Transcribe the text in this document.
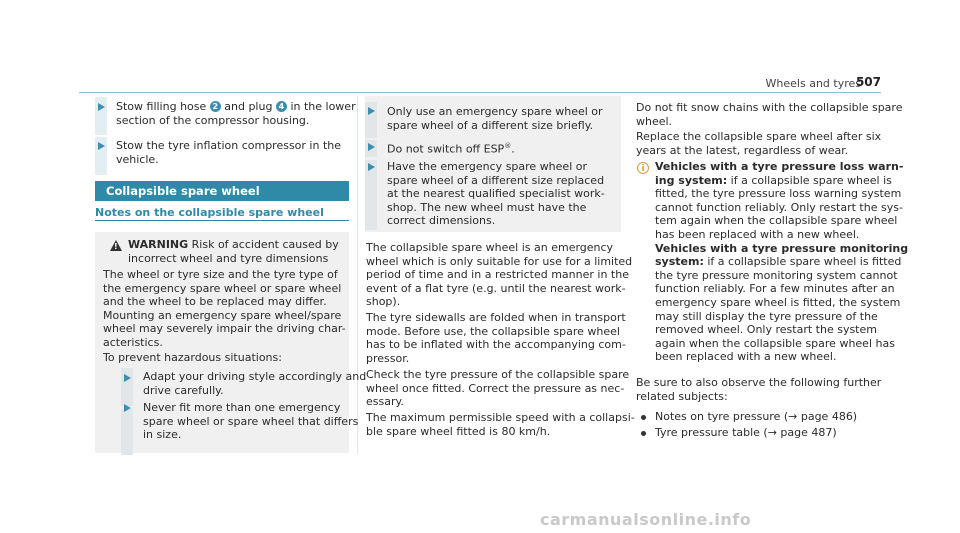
Wheels and tyres
507
Stow filling hose 2 and plug 4 in the lower
section of the compressor housing.
Stow the tyre inflation compressor in the
vehicle.
Collapsible spare wheel
Notes on the collapsible spare wheel
! WARNING Risk of accident caused by
incorrect wheel and tyre dimensions
The wheel or tyre size and the tyre type of
the emergency spare wheel or spare wheel
and the wheel to be replaced may differ.
Mounting an emergency spare wheel/spare
wheel may severely impair the driving char-
acteristics.
To prevent hazardous situations:
Adapt your driving style accordingly and
drive carefully.
Never fit more than one emergency
spare wheel or spare wheel that differs
in size.
Only use an emergency spare wheel or
spare wheel of a different size briefly.
Do not switch off ESP®.
Have the emergency spare wheel or
spare wheel of a different size replaced
at the nearest qualified specialist work-
shop. The new wheel must have the
correct dimensions.
The collapsible spare wheel is an emergency
wheel which is only suitable for use for a limited
period of time and in a restricted manner in the
event of a flat tyre (e.g. until the nearest work-
shop).
The tyre sidewalls are folded when in transport
mode. Before use, the collapsible spare wheel
has to be inflated with the accompanying com-
pressor.
Check the tyre pressure of the collapsible spare
wheel once fitted. Correct the pressure as nec-
essary.
The maximum permissible speed with a collapsi-
ble spare wheel fitted is 80 km/h.
Do not fit snow chains with the collapsible spare
wheel.
Replace the collapsible spare wheel after six
years at the latest, regardless of wear.
i Vehicles with a tyre pressure loss warn-
ing system: if a collapsible spare wheel is
fitted, the tyre pressure loss warning system
cannot function reliably. Only restart the sys-
tem again when the collapsible spare wheel
has been replaced with a new wheel.
Vehicles with a tyre pressure monitoring
system: if a collapsible spare wheel is fitted
the tyre pressure monitoring system cannot
function reliably. For a few minutes after an
emergency spare wheel is fitted, the system
may still display the tyre pressure of the
removed wheel. Only restart the system
again when the collapsible spare wheel has
been replaced with a new wheel.
Be sure to also observe the following further
related subjects:
Notes on tyre pressure (→ page 486)
Tyre pressure table (→ page 487)
carmanualsonline.info
